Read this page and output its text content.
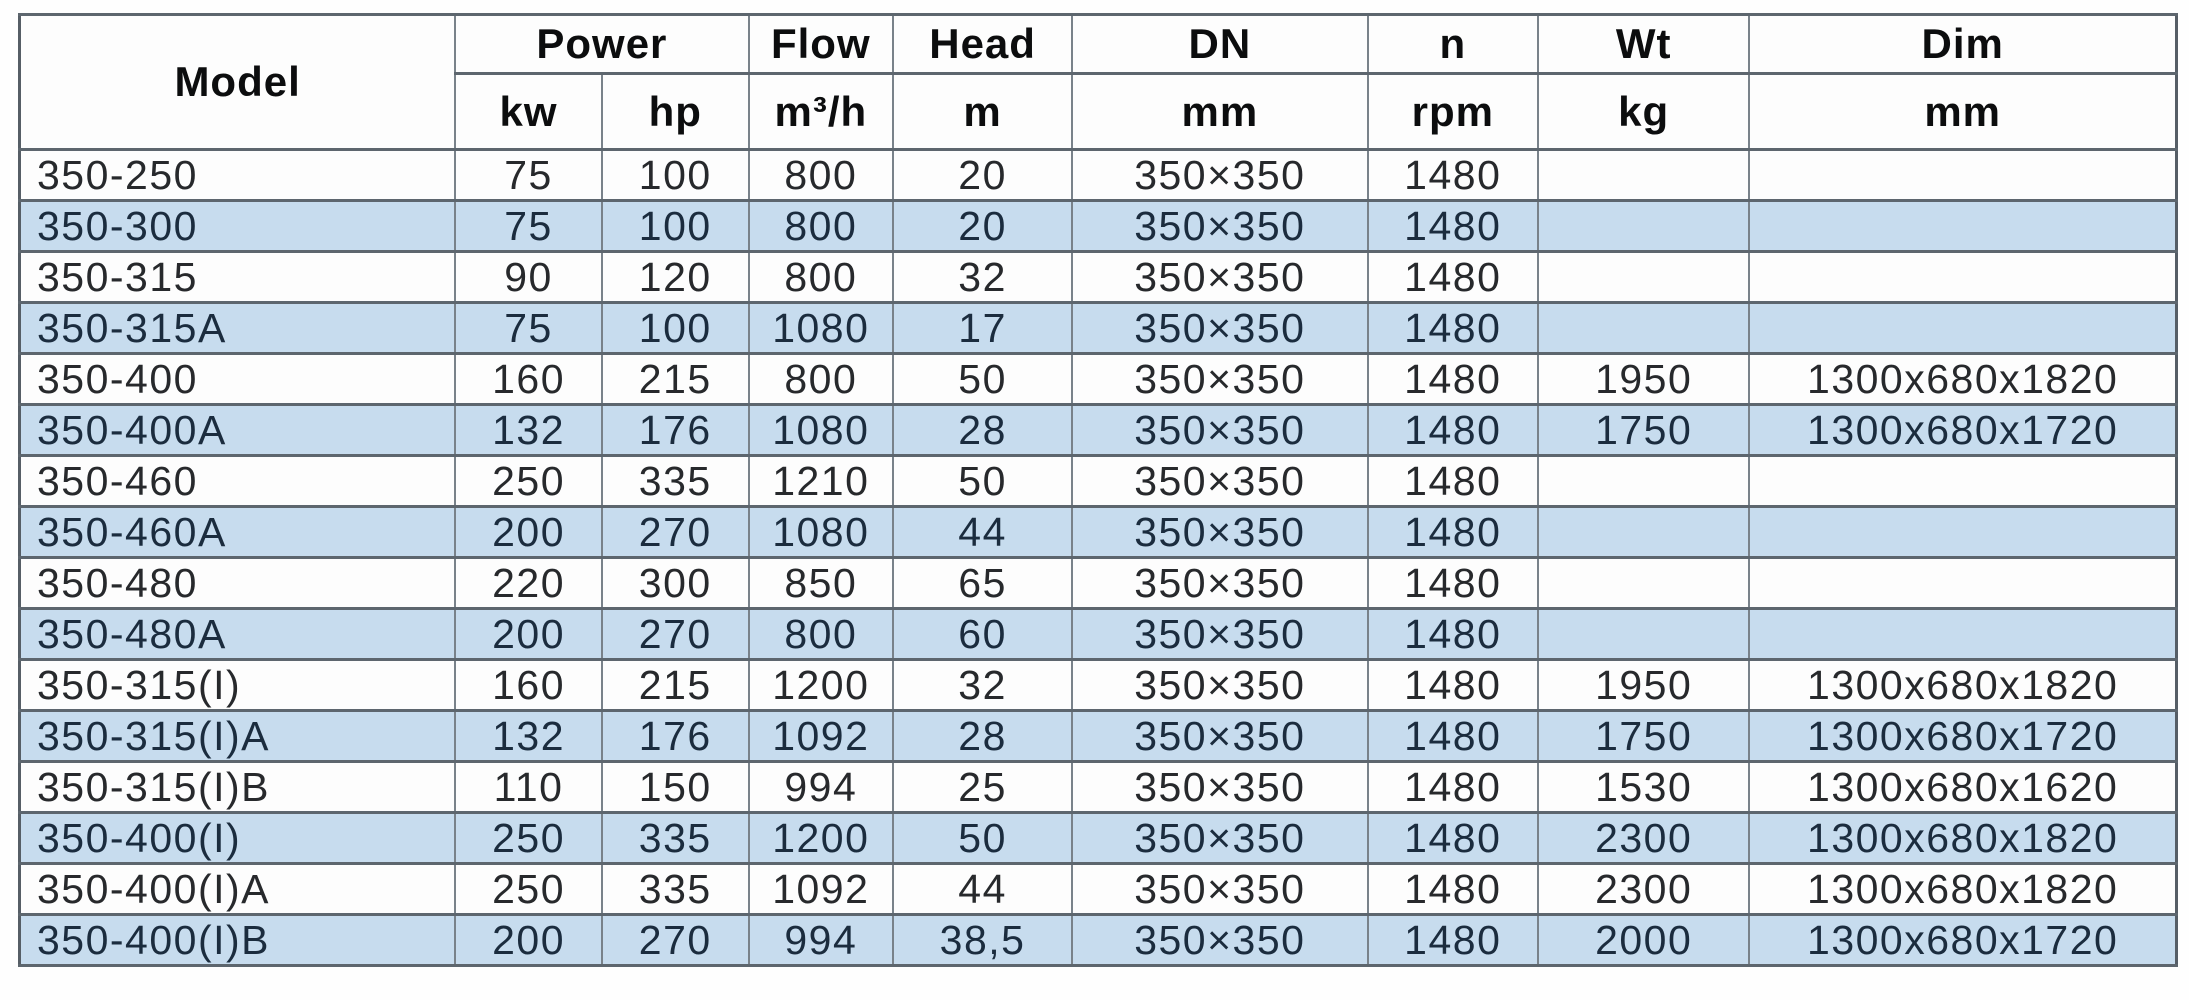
Model	Power		Flow	Head	DN	n	Wt	Dim
	kw	hp	m³/h	m	mm	rpm	kg	mm
350-250	75	100	800	20	350×350	1480		
350-300	75	100	800	20	350×350	1480		
350-315	90	120	800	32	350×350	1480		
350-315A	75	100	1080	17	350×350	1480		
350-400	160	215	800	50	350×350	1480	1950	1300x680x1820
350-400A	132	176	1080	28	350×350	1480	1750	1300x680x1720
350-460	250	335	1210	50	350×350	1480		
350-460A	200	270	1080	44	350×350	1480		
350-480	220	300	850	65	350×350	1480		
350-480A	200	270	800	60	350×350	1480		
350-315(I)	160	215	1200	32	350×350	1480	1950	1300x680x1820
350-315(I)A	132	176	1092	28	350×350	1480	1750	1300x680x1720
350-315(I)B	110	150	994	25	350×350	1480	1530	1300x680x1620
350-400(I)	250	335	1200	50	350×350	1480	2300	1300x680x1820
350-400(I)A	250	335	1092	44	350×350	1480	2300	1300x680x1820
350-400(I)B	200	270	994	38,5	350×350	1480	2000	1300x680x1720
